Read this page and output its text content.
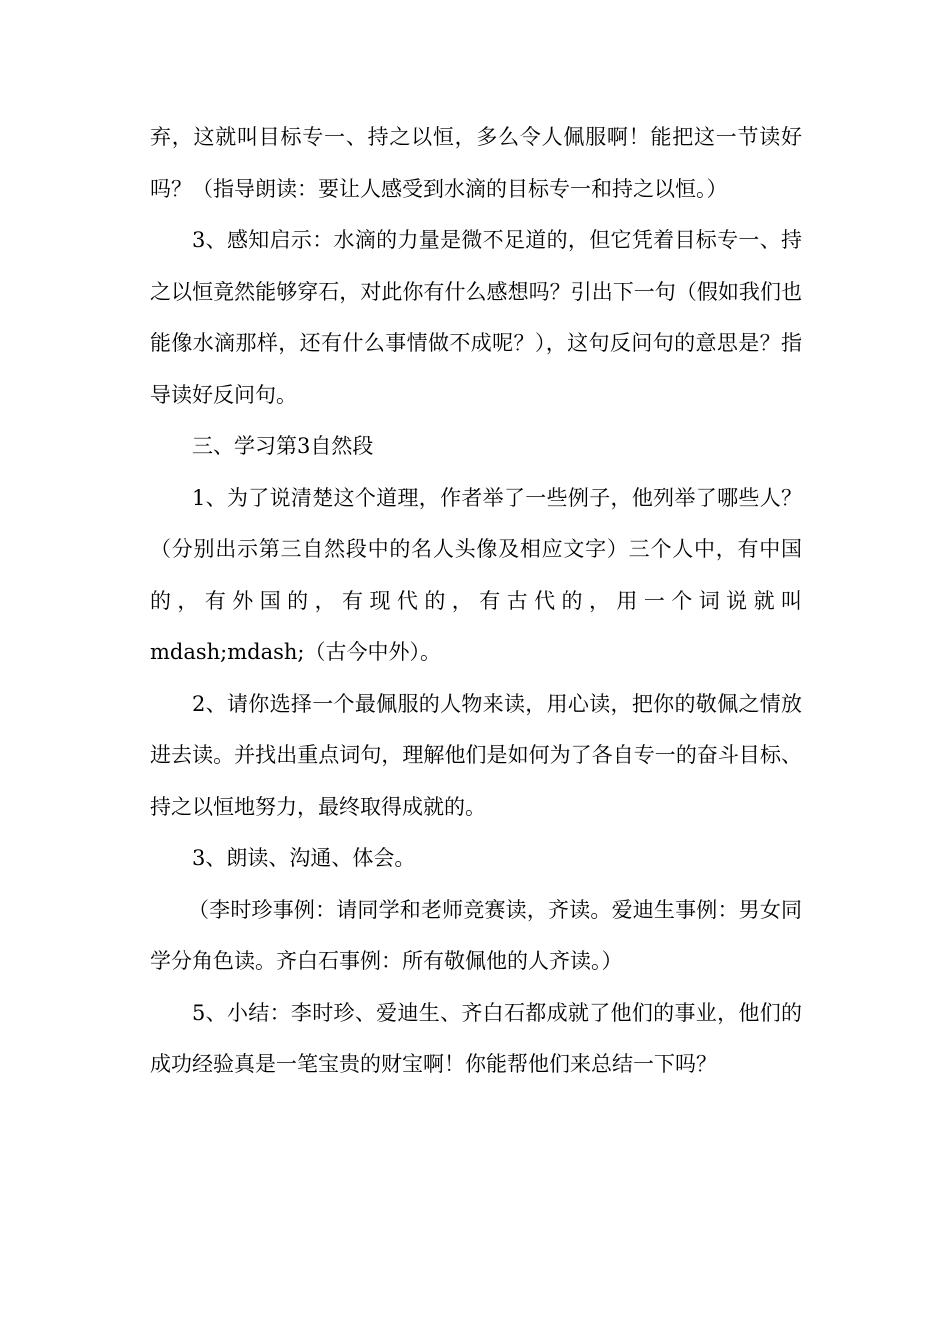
弃，这就叫目标专一、持之以恒，多么令人佩服啊！能把这一节读好吗？（指导朗读：要让人感受到水滴的目标专一和持之以恒。）

3、感知启示：水滴的力量是微不足道的，但它凭着目标专一、持之以恒竟然能够穿石，对此你有什么感想吗？引出下一句（假如我们也能像水滴那样，还有什么事情做不成呢？），这句反问句的意思是？指导读好反问句。

三、学习第3自然段

1、为了说清楚这个道理，作者举了一些例子，他列举了哪些人？（分别出示第三自然段中的名人头像及相应文字）三个人中，有中国的，有外国的，有现代的，有古代的，用一个词说就叫mdash;mdash;（古今中外）。

2、请你选择一个最佩服的人物来读，用心读，把你的敬佩之情放进去读。并找出重点词句，理解他们是如何为了各自专一的奋斗目标、持之以恒地努力，最终取得成就的。

3、朗读、沟通、体会。

（李时珍事例：请同学和老师竞赛读，齐读。爱迪生事例：男女同学分角色读。齐白石事例：所有敬佩他的人齐读。）

5、小结：李时珍、爱迪生、齐白石都成就了他们的事业，他们的成功经验真是一笔宝贵的财宝啊！你能帮他们来总结一下吗？
